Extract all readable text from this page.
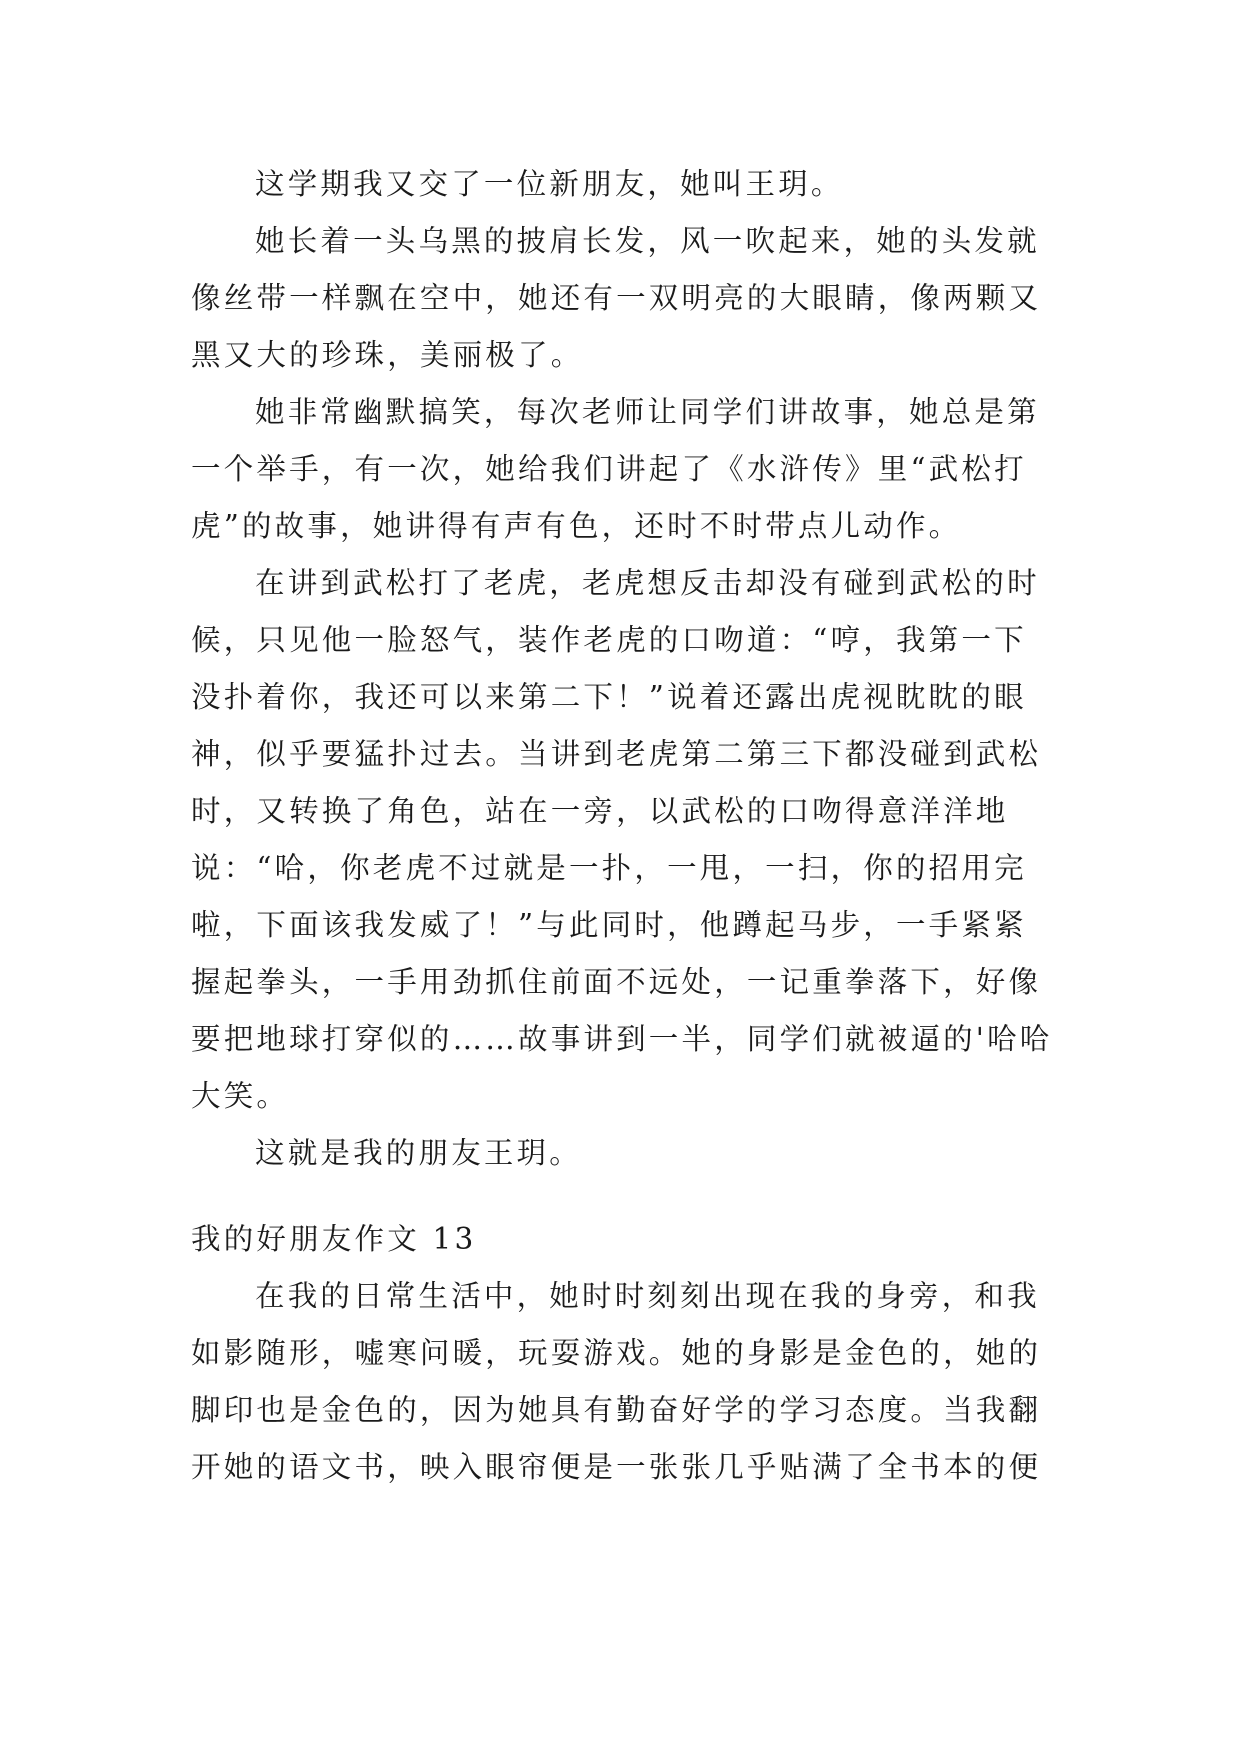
这学期我又交了一位新朋友，她叫王玥。

她长着一头乌黑的披肩长发，风一吹起来，她的头发就像丝带一样飘在空中，她还有一双明亮的大眼睛，像两颗又黑又大的珍珠，美丽极了。

她非常幽默搞笑，每次老师让同学们讲故事，她总是第一个举手，有一次，她给我们讲起了《水浒传》里“武松打虎”的故事，她讲得有声有色，还时不时带点儿动作。

在讲到武松打了老虎，老虎想反击却没有碰到武松的时候，只见他一脸怒气，装作老虎的口吻道：“哼，我第一下没扑着你，我还可以来第二下！”说着还露出虎视眈眈的眼神，似乎要猛扑过去。当讲到老虎第二第三下都没碰到武松时，又转换了角色，站在一旁，以武松的口吻得意洋洋地说：“哈，你老虎不过就是一扑，一甩，一扫，你的招用完啦，下面该我发威了！”与此同时，他蹲起马步，一手紧紧握起拳头，一手用劲抓住前面不远处，一记重拳落下，好像要把地球打穿似的……故事讲到一半，同学们就被逼的'哈哈大笑。

这就是我的朋友王玥。

我的好朋友作文 13

在我的日常生活中，她时时刻刻出现在我的身旁，和我如影随形，嘘寒问暖，玩耍游戏。她的身影是金色的，她的脚印也是金色的，因为她具有勤奋好学的学习态度。当我翻开她的语文书，映入眼帘便是一张张几乎贴满了全书本的便
